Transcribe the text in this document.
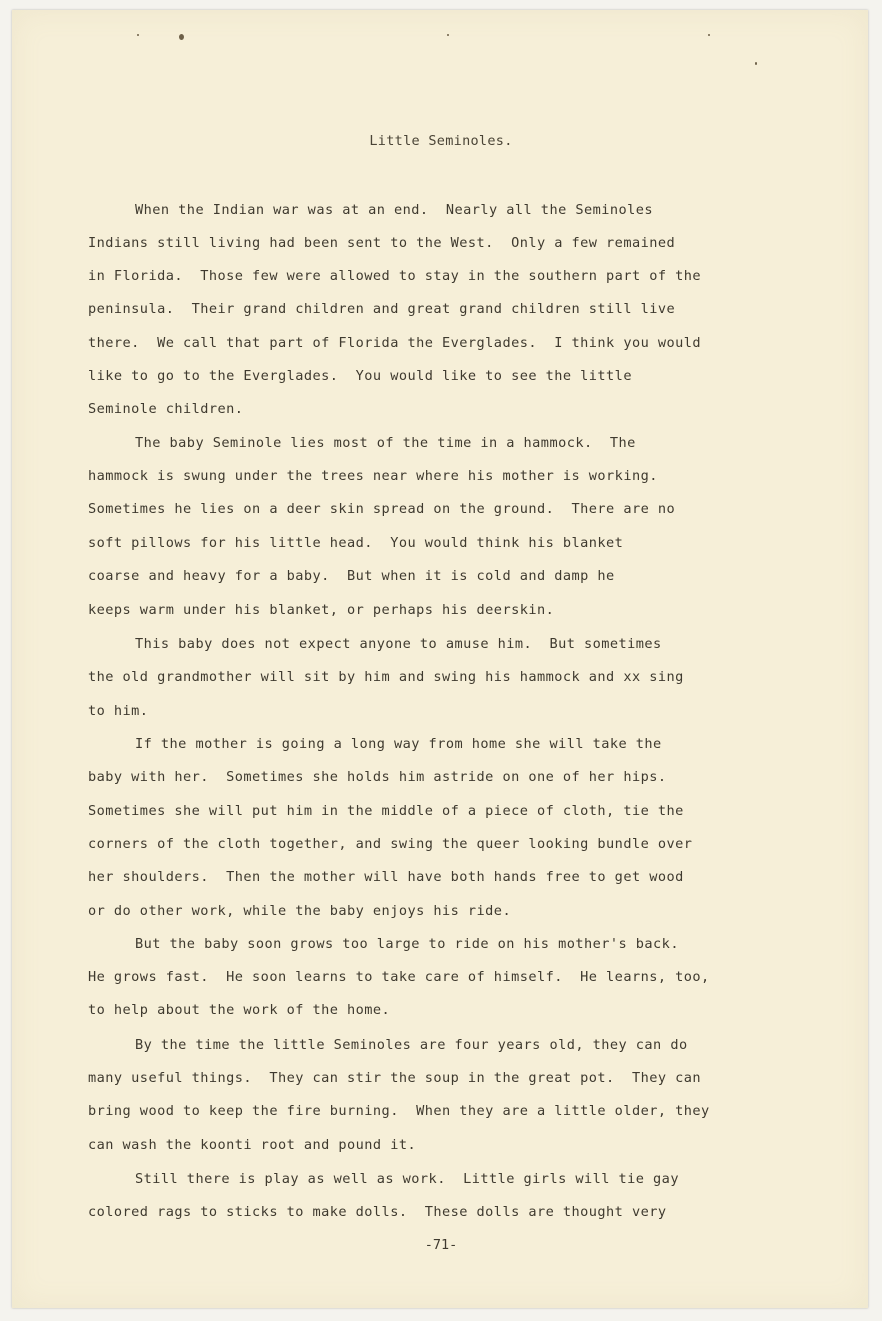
Little Seminoles.
When the Indian war was at an end.  Nearly all the Seminoles
Indians still living had been sent to the West.  Only a few remained
in Florida.  Those few were allowed to stay in the southern part of the
peninsula.  Their grand children and great grand children still live
there.  We call that part of Florida the Everglades.  I think you would
like to go to the Everglades.  You would like to see the little
Seminole children.
The baby Seminole lies most of the time in a hammock.  The
hammock is swung under the trees near where his mother is working.
Sometimes he lies on a deer skin spread on the ground.  There are no
soft pillows for his little head.  You would think his blanket
coarse and heavy for a baby.  But when it is cold and damp he
keeps warm under his blanket, or perhaps his deerskin.
This baby does not expect anyone to amuse him.  But sometimes
the old grandmother will sit by him and swing his hammock and xx sing
to him.
If the mother is going a long way from home she will take the
baby with her.  Sometimes she holds him astride on one of her hips.
Sometimes she will put him in the middle of a piece of cloth, tie the
corners of the cloth together, and swing the queer looking bundle over
her shoulders.  Then the mother will have both hands free to get wood
or do other work, while the baby enjoys his ride.
But the baby soon grows too large to ride on his mother's back.
He grows fast.  He soon learns to take care of himself.  He learns, too,
to help about the work of the home.
By the time the little Seminoles are four years old, they can do
many useful things.  They can stir the soup in the great pot.  They can
bring wood to keep the fire burning.  When they are a little older, they
can wash the koonti root and pound it.
Still there is play as well as work.  Little girls will tie gay
colored rags to sticks to make dolls.  These dolls are thought very
-71-
